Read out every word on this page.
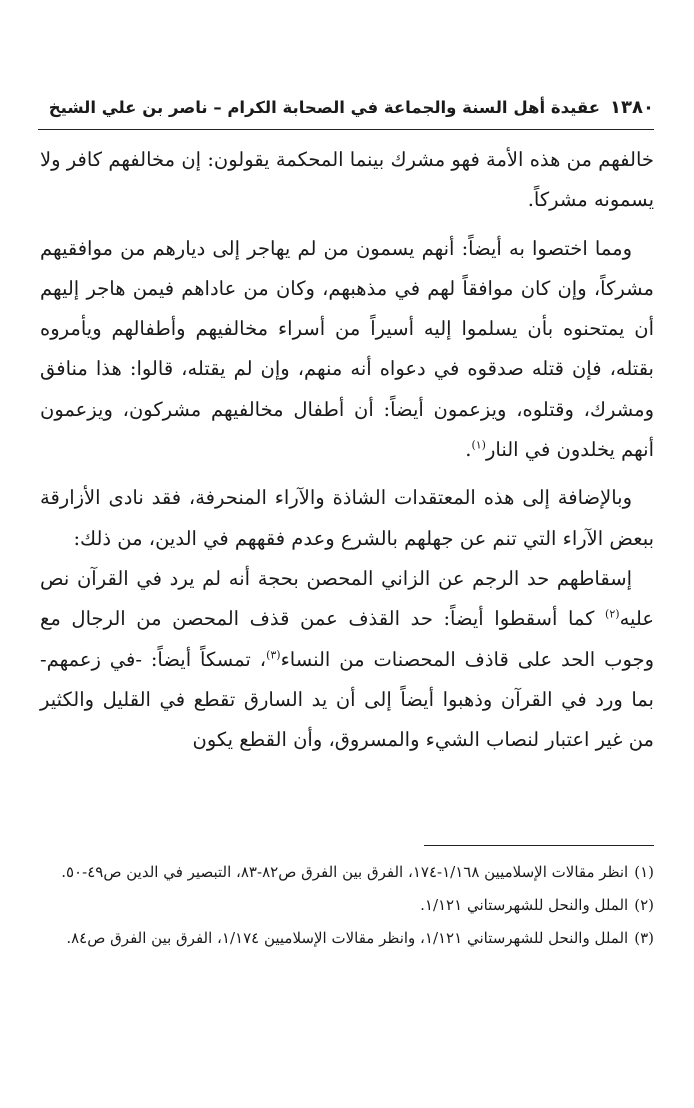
١٣٨٠
عقيدة أهل السنة والجماعة في الصحابة الكرام – ناصر بن علي الشيخ

خالفهم من هذه الأمة فهو مشرك بينما المحكمة يقولون: إن مخالفهم كافر ولا يسمونه مشركاً.

ومما اختصوا به أيضاً: أنهم يسمون من لم يهاجر إلى ديارهم من موافقيهم مشركاً، وإن كان موافقاً لهم في مذهبهم، وكان من عاداهم فيمن هاجر إليهم أن يمتحنوه بأن يسلموا إليه أسيراً من أسراء مخالفيهم وأطفالهم ويأمروه بقتله، فإن قتله صدقوه في دعواه أنه منهم، وإن لم يقتله، قالوا: هذا منافق ومشرك، وقتلوه، ويزعمون أيضاً: أن أطفال مخالفيهم مشركون، ويزعمون أنهم يخلدون في النار$^{(١)}$.

وبالإضافة إلى هذه المعتقدات الشاذة والآراء المنحرفة، فقد نادى الأزارقة ببعض الآراء التي تنم عن جهلهم بالشرع وعدم فقههم في الدين، من ذلك:

إسقاطهم حد الرجم عن الزاني المحصن بحجة أنه لم يرد في القرآن نص عليه$^{(٢)}$ كما أسقطوا أيضاً: حد القذف عمن قذف المحصن من الرجال مع وجوب الحد على قاذف المحصنات من النساء$^{(٣)}$، تمسكاً أيضاً: -في زعمهم- بما ورد في القرآن وذهبوا أيضاً إلى أن يد السارق تقطع في القليل والكثير من غير اعتبار لنصاب الشيء والمسروق، وأن القطع يكون

(١)انظر مقالات الإسلاميين ١/١٦٨-١٧٤، الفرق بين الفرق ص٨٢-٨٣، التبصير في الدين ص٤٩-٥٠.

(٢)الملل والنحل للشهرستاني ١/١٢١.

(٣)الملل والنحل للشهرستاني ١/١٢١، وانظر مقالات الإسلاميين ١/١٧٤، الفرق بين الفرق ص٨٤.
